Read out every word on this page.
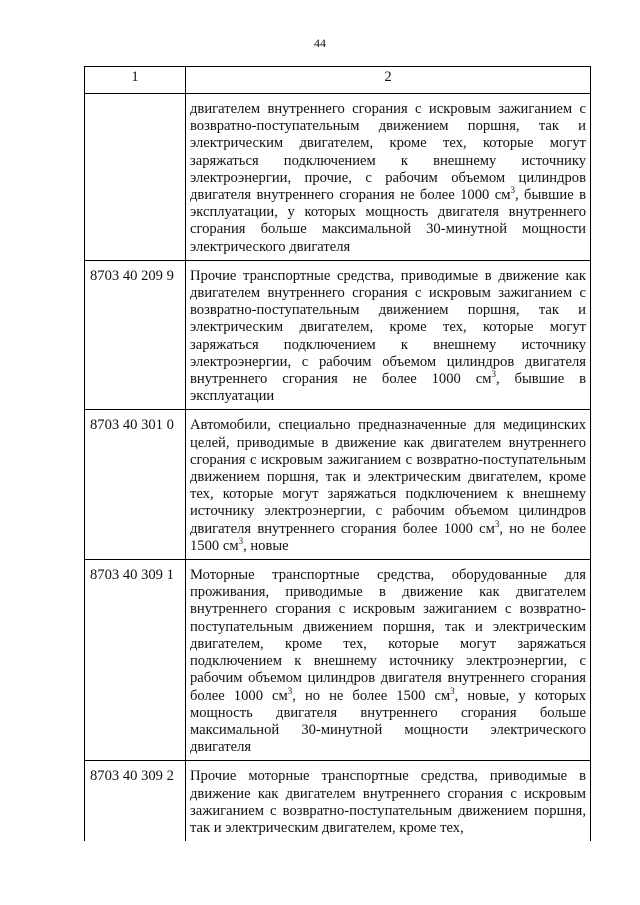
44
1	2
	двигателем внутреннего сгорания с искровым зажиганием с возвратно-поступательным движением поршня, так и электрическим двигателем, кроме тех, которые могут заряжаться подключением к внешнему источнику электроэнергии, прочие, с рабочим объемом цилиндров двигателя внутреннего сгорания не более 1000 $см^3$, бывшие в эксплуатации, у которых мощность двигателя внутреннего сгорания больше максимальной 30-минутной мощности электрического двигателя
8703 40 209 9	Прочие транспортные средства, приводимые в движение как двигателем внутреннего сгорания с искровым зажиганием с возвратно-поступательным движением поршня, так и электрическим двигателем, кроме тех, которые могут заряжаться подключением к внешнему источнику электроэнергии, с рабочим объемом цилиндров двигателя внутреннего сгорания не более 1000 $см^3$, бывшие в эксплуатации
8703 40 301 0	Автомобили, специально предназначенные для медицинских целей, приводимые в движение как двигателем внутреннего сгорания с искровым зажиганием с возвратно-поступательным движением поршня, так и электрическим двигателем, кроме тех, которые могут заряжаться подключением к внешнему источнику электроэнергии, с рабочим объемом цилиндров двигателя внутреннего сгорания более 1000 $см^3$, но не более 1500 $см^3$, новые
8703 40 309 1	Моторные транспортные средства, оборудованные для проживания, приводимые в движение как двигателем внутреннего сгорания с искровым зажиганием с возвратно-поступательным движением поршня, так и электрическим двигателем, кроме тех, которые могут заряжаться подключением к внешнему источнику электроэнергии, с рабочим объемом цилиндров двигателя внутреннего сгорания более 1000 $см^3$, но не более 1500 $см^3$, новые, у которых мощность двигателя внутреннего сгорания больше максимальной 30-минутной мощности электрического двигателя
8703 40 309 2	Прочие моторные транспортные средства, приводимые в движение как двигателем внутреннего сгорания с искровым зажиганием с возвратно-поступательным движением поршня, так и электрическим двигателем, кроме тех,
